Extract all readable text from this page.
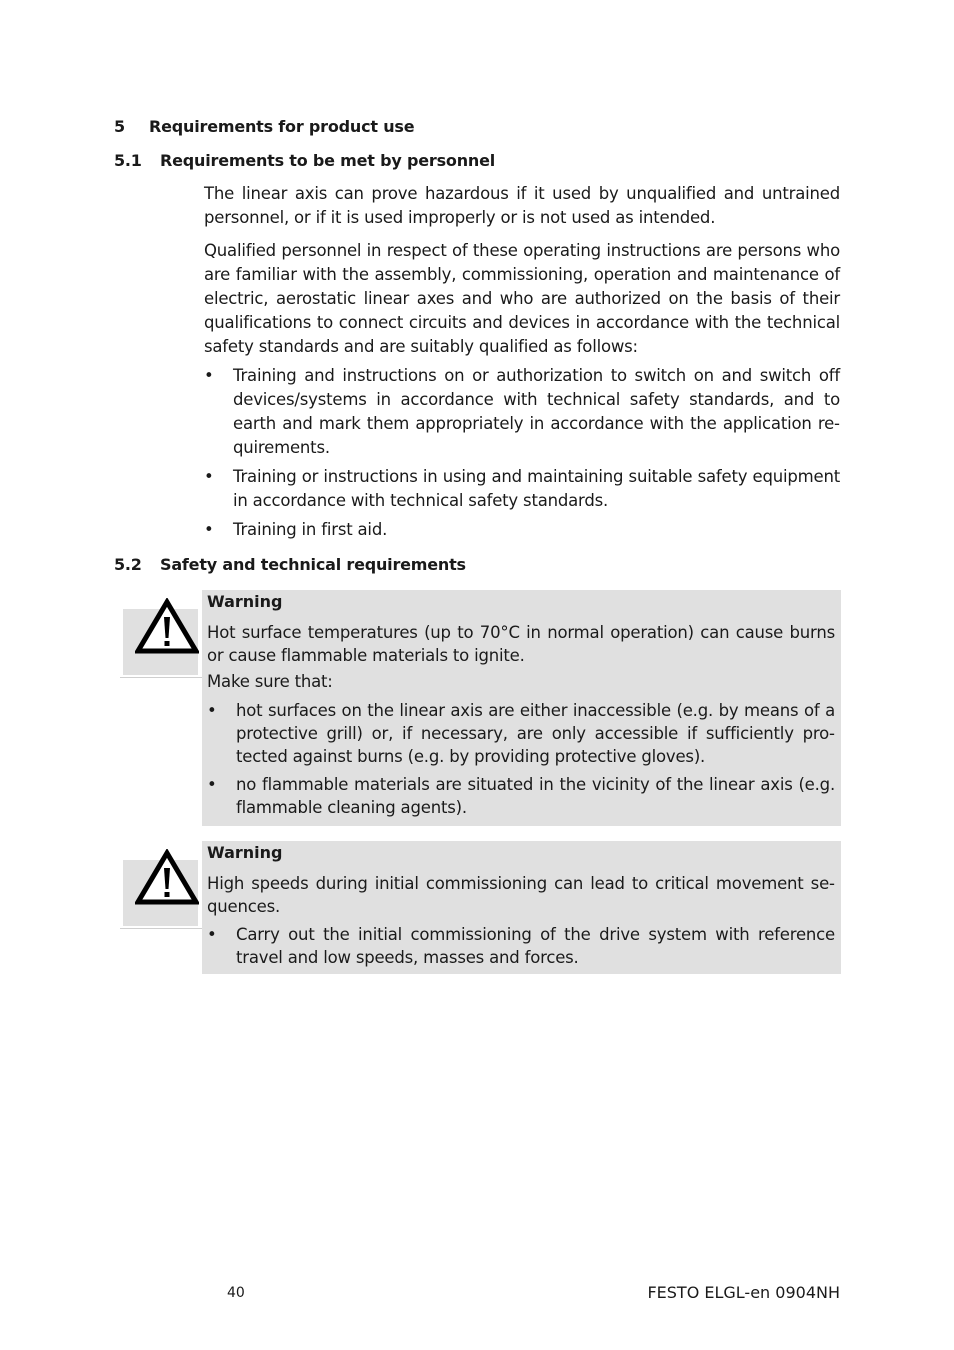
5 Requirements for product use
5.1 Requirements to be met by personnel
The linear axis can prove hazardous if it used by unqualified and untrained personnel, or if it is used improperly or is not used as intended.
Qualified personnel in respect of these operating instructions are persons who are familiar with the assembly, commissioning, operation and maintenance of electric, aerostatic linear axes and who are authorized on the basis of their qualifications to connect circuits and devices in accordance with the technical safety standards and are suitably qualified as follows:
• Training and instructions on or authorization to switch on and switch off devices/systems in accordance with technical safety standards, and to earth and mark them appropriately in accordance with the application requirements.
• Training or instructions in using and maintaining suitable safety equipment in accordance with technical safety standards.
• Training in first aid.
5.2 Safety and technical requirements
Warning
Hot surface temperatures (up to 70°C in normal operation) can cause burns or cause flammable materials to ignite.
Make sure that:
• hot surfaces on the linear axis are either inaccessible (e.g. by means of a protective grill) or, if necessary, are only accessible if sufficiently protected against burns (e.g. by providing protective gloves).
• no flammable materials are situated in the vicinity of the linear axis (e.g. flammable cleaning agents).
Warning
High speeds during initial commissioning can lead to critical movement sequences.
• Carry out the initial commissioning of the drive system with reference travel and low speeds, masses and forces.
40	FESTO ELGL-en 0904NH
